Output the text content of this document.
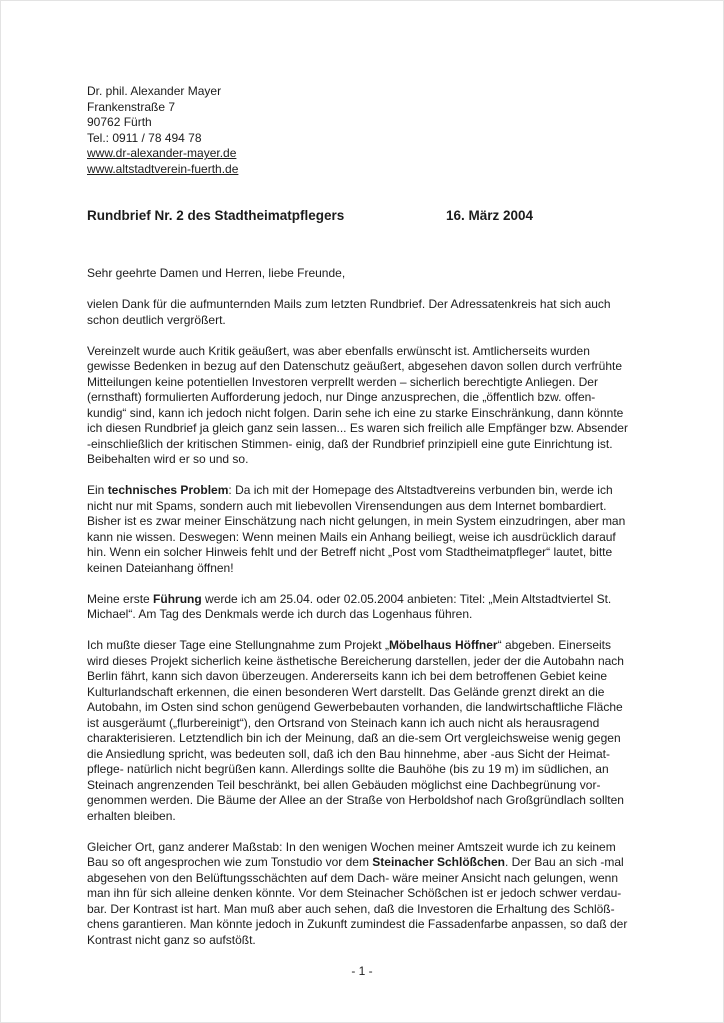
Dr. phil. Alexander Mayer
Frankenstraße 7
90762 Fürth
Tel.: 0911 / 78 494 78
www.dr-alexander-mayer.de
www.altstadtverein-fuerth.de
Rundbrief Nr. 2 des Stadtheimatpflegers	16. März 2004
Sehr geehrte Damen und Herren, liebe Freunde,
vielen Dank für die aufmunternden Mails zum letzten Rundbrief. Der Adressatenkreis hat sich auch
schon deutlich vergrößert.
Vereinzelt wurde auch Kritik geäußert, was aber ebenfalls erwünscht ist. Amtlicherseits wurden
gewisse Bedenken in bezug auf den Datenschutz geäußert, abgesehen davon sollen durch verfrühte
Mitteilungen keine potentiellen Investoren verprellt werden – sicherlich berechtigte Anliegen. Der
(ernsthaft) formulierten Aufforderung jedoch, nur Dinge anzusprechen, die „öffentlich bzw. offen-
kundig“ sind, kann ich jedoch nicht folgen. Darin sehe ich eine zu starke Einschränkung, dann könnte
ich diesen Rundbrief ja gleich ganz sein lassen... Es waren sich freilich alle Empfänger bzw. Absender
-einschließlich der kritischen Stimmen- einig, daß der Rundbrief prinzipiell eine gute Einrichtung ist.
Beibehalten wird er so und so.
Ein technisches Problem: Da ich mit der Homepage des Altstadtvereins verbunden bin, werde ich
nicht nur mit Spams, sondern auch mit liebevollen Virensendungen aus dem Internet bombardiert.
Bisher ist es zwar meiner Einschätzung nach nicht gelungen, in mein System einzudringen, aber man
kann nie wissen. Deswegen: Wenn meinen Mails ein Anhang beiliegt, weise ich ausdrücklich darauf
hin. Wenn ein solcher Hinweis fehlt und der Betreff nicht „Post vom Stadtheimatpfleger“ lautet, bitte
keinen Dateianhang öffnen!
Meine erste Führung werde ich am 25.04. oder 02.05.2004 anbieten: Titel: „Mein Altstadtviertel St.
Michael“. Am Tag des Denkmals werde ich durch das Logenhaus führen.
Ich mußte dieser Tage eine Stellungnahme zum Projekt „Möbelhaus Höffner“ abgeben. Einerseits
wird dieses Projekt sicherlich keine ästhetische Bereicherung darstellen, jeder der die Autobahn nach
Berlin fährt, kann sich davon überzeugen. Andererseits kann ich bei dem betroffenen Gebiet keine
Kulturlandschaft erkennen, die einen besonderen Wert darstellt. Das Gelände grenzt direkt an die
Autobahn, im Osten sind schon genügend Gewerbebauten vorhanden, die landwirtschaftliche Fläche
ist ausgeräumt („flurbereinigt“), den Ortsrand von Steinach kann ich auch nicht als herausragend
charakterisieren. Letztendlich bin ich der Meinung, daß an die-sem Ort vergleichsweise wenig gegen
die Ansiedlung spricht, was bedeuten soll, daß ich den Bau hinnehme, aber -aus Sicht der Heimat-
pflege- natürlich nicht begrüßen kann. Allerdings sollte die Bauhöhe (bis zu 19 m) im südlichen, an
Steinach angrenzenden Teil beschränkt, bei allen Gebäuden möglichst eine Dachbegrünung vor-
genommen werden. Die Bäume der Allee an der Straße von Herboldshof nach Großgründlach sollten
erhalten bleiben.
Gleicher Ort, ganz anderer Maßstab: In den wenigen Wochen meiner Amtszeit wurde ich zu keinem
Bau so oft angesprochen wie zum Tonstudio vor dem Steinacher Schlößchen. Der Bau an sich -mal
abgesehen von den Belüftungsschächten auf dem Dach- wäre meiner Ansicht nach gelungen, wenn
man ihn für sich alleine denken könnte. Vor dem Steinacher Schößchen ist er jedoch schwer verdau-
bar. Der Kontrast ist hart. Man muß aber auch sehen, daß die Investoren die Erhaltung des Schlöß-
chens garantieren. Man könnte jedoch in Zukunft zumindest die Fassadenfarbe anpassen, so daß der
Kontrast nicht ganz so aufstößt.
- 1 -
